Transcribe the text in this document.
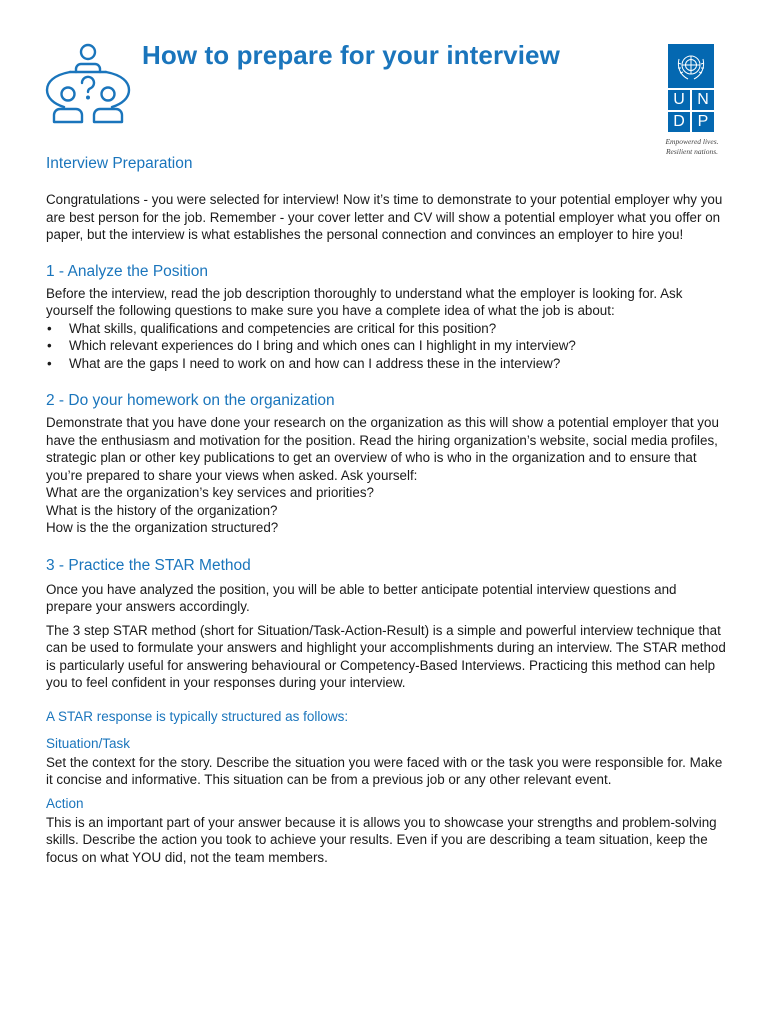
How to prepare for your interview
U N
D P
Empowered lives.
Resilient nations.
Interview Preparation
Congratulations - you were selected for interview! Now it’s time to demonstrate to your potential employer why you are best person for the job. Remember - your cover letter and CV will show a potential employer what you offer on paper, but the interview is what establishes the personal connection and convinces an employer to hire you!
1 - Analyze the Position
Before the interview, read the job description thoroughly to understand what the employer is looking for. Ask yourself the following questions to make sure you have a complete idea of what the job is about:
• What skills, qualifications and competencies are critical for this position?
• Which relevant experiences do I bring and which ones can I highlight in my interview?
• What are the gaps I need to work on and how can I address these in the interview?
2 - Do your homework on the organization
Demonstrate that you have done your research on the organization as this will show a potential employer that you have the enthusiasm and motivation for the position. Read the hiring organization’s website, social media profiles, strategic plan or other key publications to get an overview of who is who in the organization and to ensure that you’re prepared to share your views when asked. Ask yourself:
What are the organization’s key services and priorities?
What is the history of the organization?
How is the the organization structured?
3 - Practice the STAR Method
Once you have analyzed the position, you will be able to better anticipate potential interview questions and prepare your answers accordingly.
The 3 step STAR method (short for Situation/Task-Action-Result) is a simple and powerful interview technique that can be used to formulate your answers and highlight your accomplishments during an interview. The STAR method is particularly useful for answering behavioural or Competency-Based Interviews. Practicing this method can help you to feel confident in your responses during your interview.
A STAR response is typically structured as follows:
Situation/Task
Set the context for the story. Describe the situation you were faced with or the task you were responsible for. Make it concise and informative. This situation can be from a previous job or any other relevant event.
Action
This is an important part of your answer because it is allows you to showcase your strengths and problem-solving skills. Describe the action you took to achieve your results. Even if you are describing a team situation, keep the focus on what YOU did, not the team members.
